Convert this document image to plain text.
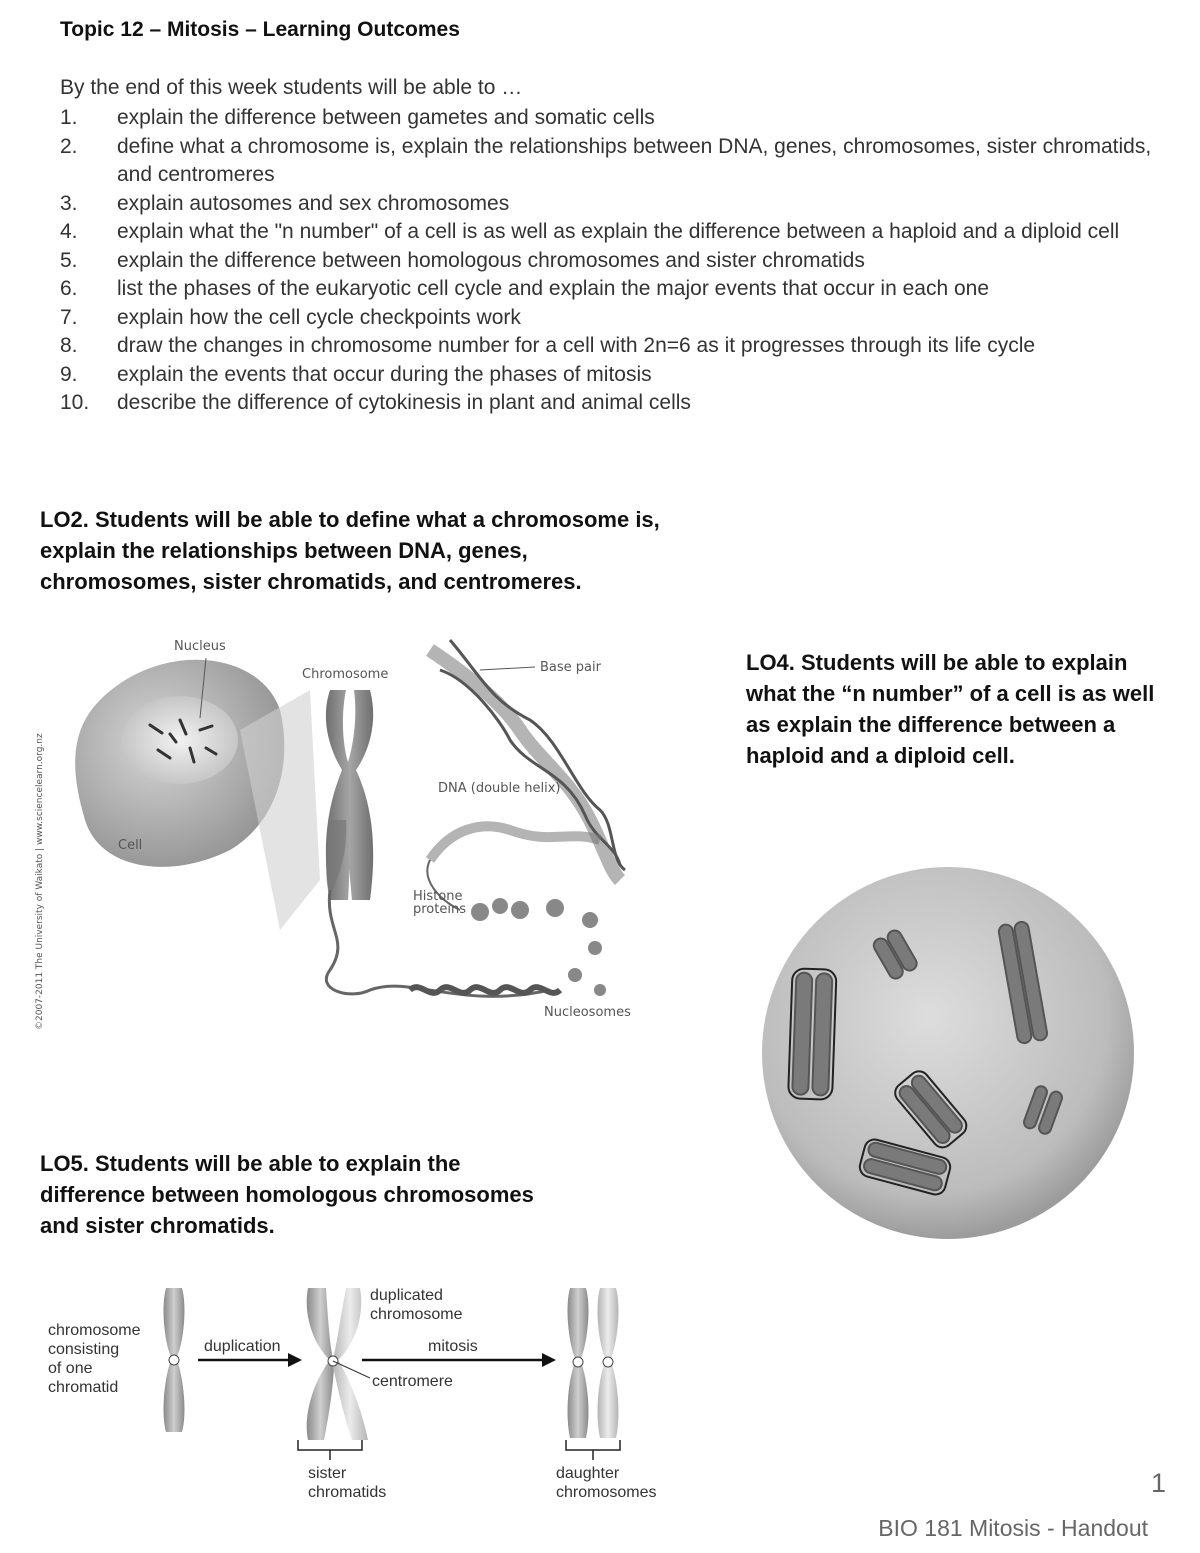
Topic 12 – Mitosis – Learning Outcomes
By the end of this week students will be able to …
1. explain the difference between gametes and somatic cells
2. define what a chromosome is, explain the relationships between DNA, genes, chromosomes, sister chromatids, and centromeres
3. explain autosomes and sex chromosomes
4. explain what the "n number" of a cell is as well as explain the difference between a haploid and a diploid cell
5. explain the difference between homologous chromosomes and sister chromatids
6. list the phases of the eukaryotic cell cycle and explain the major events that occur in each one
7. explain how the cell cycle checkpoints work
8. draw the changes in chromosome number for a cell with 2n=6 as it progresses through its life cycle
9. explain the events that occur during the phases of mitosis
10. describe the difference of cytokinesis in plant and animal cells

LO2. Students will be able to define what a chromosome is, explain the relationships between DNA, genes, chromosomes, sister chromatids, and centromeres.

Nucleus
Chromosome	Base pair
DNA (double helix)
Cell
Histone
proteins
Nucleosomes
©2007-2011 The University of Waikato | www.sciencelearn.org.nz

LO4. Students will be able to explain what the “n number” of a cell is as well as explain the difference between a haploid and a diploid cell.

LO5. Students will be able to explain the difference between homologous chromosomes and sister chromatids.

chromosome
consisting
of one
chromatid
duplication
duplicated
chromosome
mitosis
centromere
sister
chromatids
daughter
chromosomes	1
BIO 181 Mitosis - Handout
